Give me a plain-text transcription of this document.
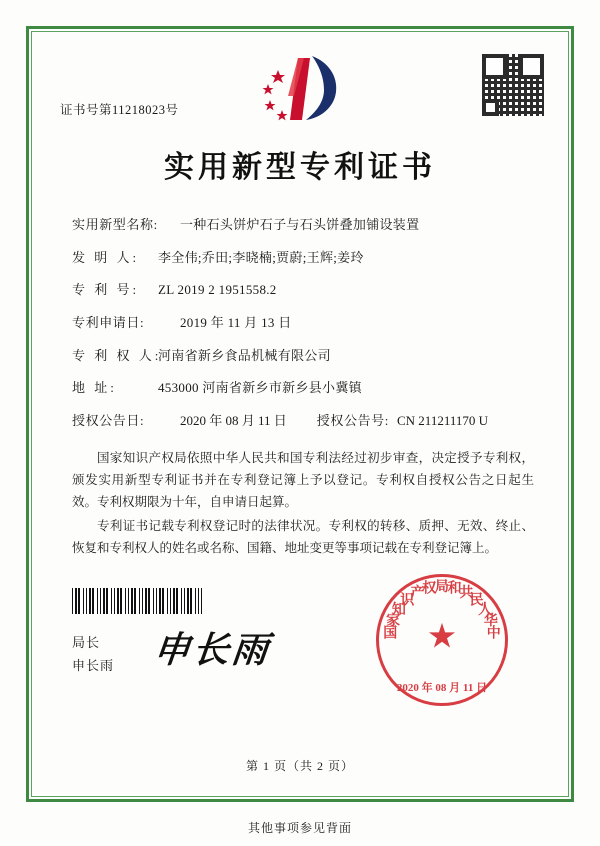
证书号第11218023号
实用新型专利证书
实用新型名称:	一种石头饼炉石子与石头饼叠加铺设装置
发 明 人:	李全伟;乔田;李晓楠;贾蔚;王辉;姜玲
专 利 号:	ZL 2019 2 1951558.2
专利申请日:	2019 年 11 月 13 日
专 利 权 人:
河南省新乡食品机械有限公司
地 址:	453000 河南省新乡市新乡县小冀镇
授权公告日:	2020 年 08 月 11 日 授权公告号: CN 211211170 U

国家知识产权局依照中华人民共和国专利法经过初步审查，决定授予专利权，颁发实用新型专利证书并在专利登记簿上予以登记。专利权自授权公告之日起生效。专利权期限为十年，自申请日起算。

专利证书记载专利权登记时的法律状况。专利权的转移、质押、无效、终止、恢复和专利权人的姓名或名称、国籍、地址变更等事项记载在专利登记簿上。

局长
申长雨 申长雨	★
国
家
知
识
产
权
局
中
华
人
民
共
和
2020 年 08 月 11 日
第 1 页（共 2 页）
其他事项参见背面
